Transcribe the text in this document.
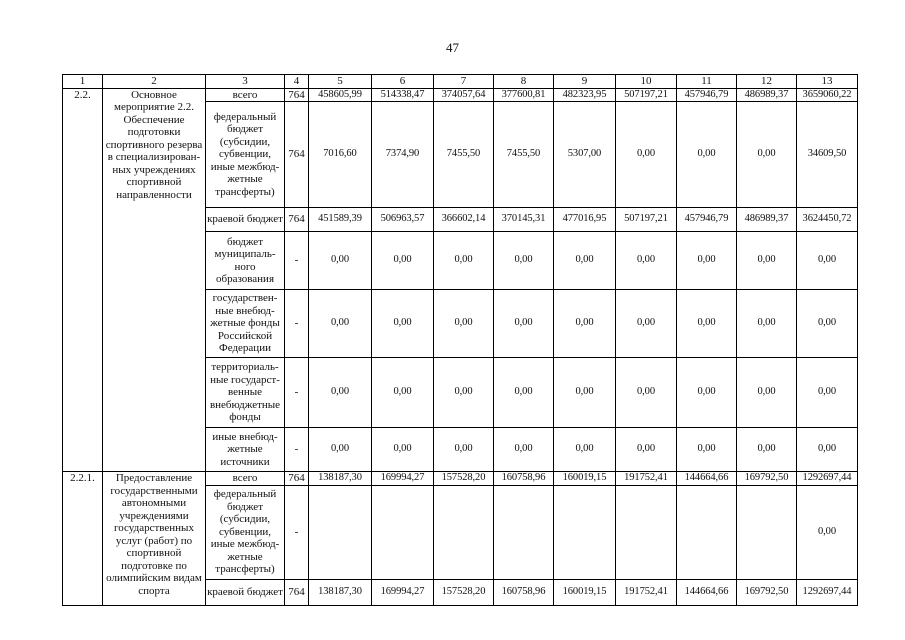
47
1	2	3	4	5	6	7	8	9	10	11	12	13
2.2.	Основное мероприятие 2.2. Обеспечение подготовки спортивного резерва в специализирован-ных учреждениях спортивной направленности	всего	764	458605,99	514338,47	374057,64	377600,81	482323,95	507197,21	457946,79	486989,37	3659060,22
		федеральный бюджет (субсидии, субвенции, иные межбюд-жетные трансферты)	764	7016,60	7374,90	7455,50	7455,50	5307,00	0,00	0,00	0,00	34609,50
		краевой бюджет	764	451589,39	506963,57	366602,14	370145,31	477016,95	507197,21	457946,79	486989,37	3624450,72
		бюджет муниципаль-ного образования	-	0,00	0,00	0,00	0,00	0,00	0,00	0,00	0,00	0,00
		государствен-ные внебюд-жетные фонды Российской Федерации	-	0,00	0,00	0,00	0,00	0,00	0,00	0,00	0,00	0,00
		территориаль-ные государст-венные внебюджетные фонды	-	0,00	0,00	0,00	0,00	0,00	0,00	0,00	0,00	0,00
		иные внебюд-жетные источники	-	0,00	0,00	0,00	0,00	0,00	0,00	0,00	0,00	0,00
2.2.1.	Предоставление государственными автономными учреждениями государственных услуг (работ) по спортивной подготовке по олимпийским видам спорта	всего	764	138187,30	169994,27	157528,20	160758,96	160019,15	191752,41	144664,66	169792,50	1292697,44
		федеральный бюджет (субсидии, субвенции, иные межбюд-жетные трансферты)	-									0,00
		краевой бюджет	764	138187,30	169994,27	157528,20	160758,96	160019,15	191752,41	144664,66	169792,50	1292697,44
